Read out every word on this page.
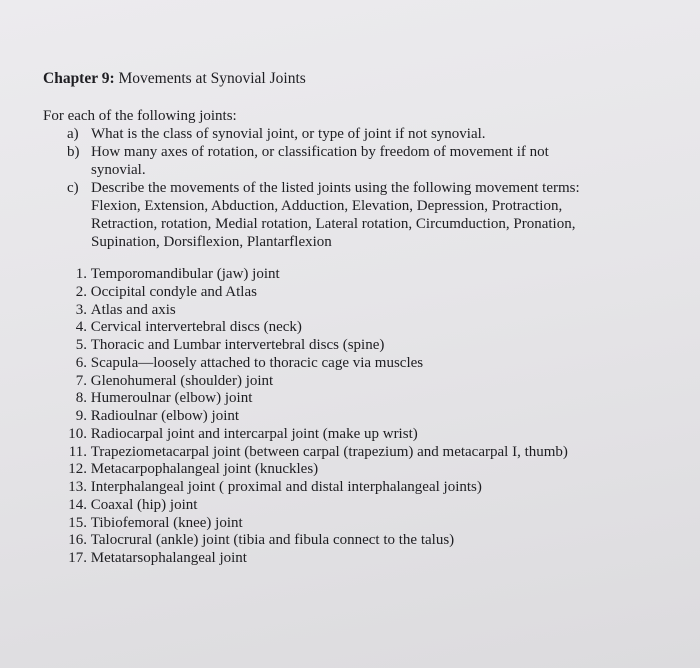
Chapter 9: Movements at Synovial Joints
For each of the following joints:
a) What is the class of synovial joint, or type of joint if not synovial.
b) How many axes of rotation, or classification by freedom of movement if not synovial.
c) Describe the movements of the listed joints using the following movement terms: Flexion, Extension, Abduction, Adduction, Elevation, Depression, Protraction, Retraction, rotation, Medial rotation, Lateral rotation, Circumduction, Pronation, Supination, Dorsiflexion, Plantarflexion
1. Temporomandibular (jaw) joint
2. Occipital condyle and Atlas
3. Atlas and axis
4. Cervical intervertebral discs (neck)
5. Thoracic and Lumbar intervertebral discs (spine)
6. Scapula—loosely attached to thoracic cage via muscles
7. Glenohumeral (shoulder) joint
8. Humeroulnar (elbow) joint
9. Radioulnar (elbow) joint
10. Radiocarpal joint and intercarpal joint (make up wrist)
11. Trapeziometacarpal joint (between carpal (trapezium) and metacarpal I, thumb)
12. Metacarpophalangeal joint (knuckles)
13. Interphalangeal joint ( proximal and distal interphalangeal joints)
14. Coaxal (hip) joint
15. Tibiofemoral (knee) joint
16. Talocrural (ankle) joint (tibia and fibula connect to the talus)
17. Metatarsophalangeal joint
